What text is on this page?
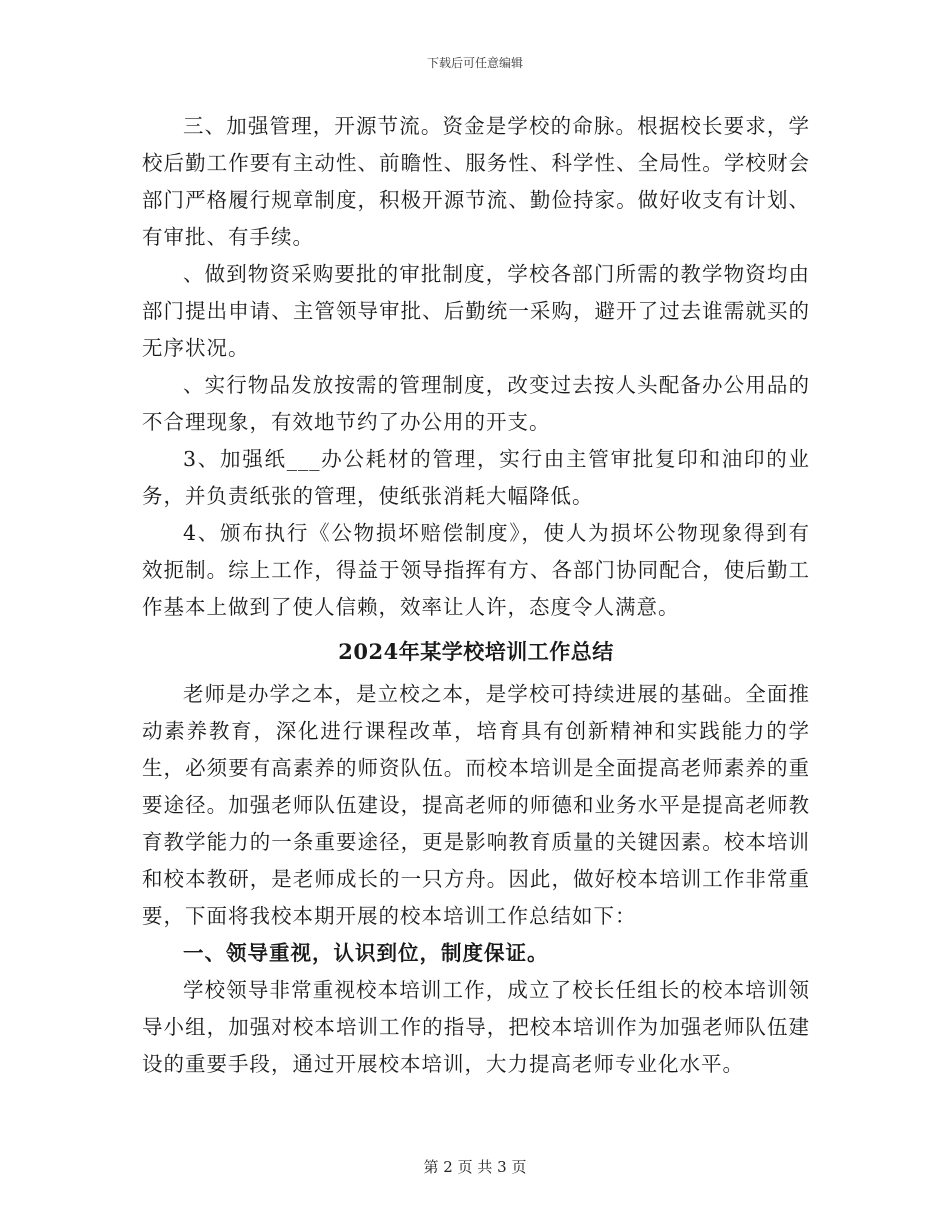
下载后可任意编辑

三、加强管理，开源节流。资金是学校的命脉。根据校长要求，学校后勤工作要有主动性、前瞻性、服务性、科学性、全局性。学校财会部门严格履行规章制度，积极开源节流、勤俭持家。做好收支有计划、有审批、有手续。

、做到物资采购要批的审批制度，学校各部门所需的教学物资均由部门提出申请、主管领导审批、后勤统一采购，避开了过去谁需就买的无序状况。

、实行物品发放按需的管理制度，改变过去按人头配备办公用品的不合理现象，有效地节约了办公用的开支。

3、加强纸___办公耗材的管理，实行由主管审批复印和油印的业务，并负责纸张的管理，使纸张消耗大幅降低。

4、颁布执行《公物损坏赔偿制度》，使人为损坏公物现象得到有效扼制。综上工作，得益于领导指挥有方、各部门协同配合，使后勤工作基本上做到了使人信赖，效率让人许，态度令人满意。

2024年某学校培训工作总结

老师是办学之本，是立校之本，是学校可持续进展的基础。全面推动素养教育，深化进行课程改革，培育具有创新精神和实践能力的学生，必须要有高素养的师资队伍。而校本培训是全面提高老师素养的重要途径。加强老师队伍建设，提高老师的师德和业务水平是提高老师教育教学能力的一条重要途径，更是影响教育质量的关键因素。校本培训和校本教研，是老师成长的一只方舟。因此，做好校本培训工作非常重要，下面将我校本期开展的校本培训工作总结如下：

一、领导重视，认识到位，制度保证。

学校领导非常重视校本培训工作，成立了校长任组长的校本培训领导小组，加强对校本培训工作的指导，把校本培训作为加强老师队伍建设的重要手段，通过开展校本培训，大力提高老师专业化水平。

第 2 页 共 3 页
